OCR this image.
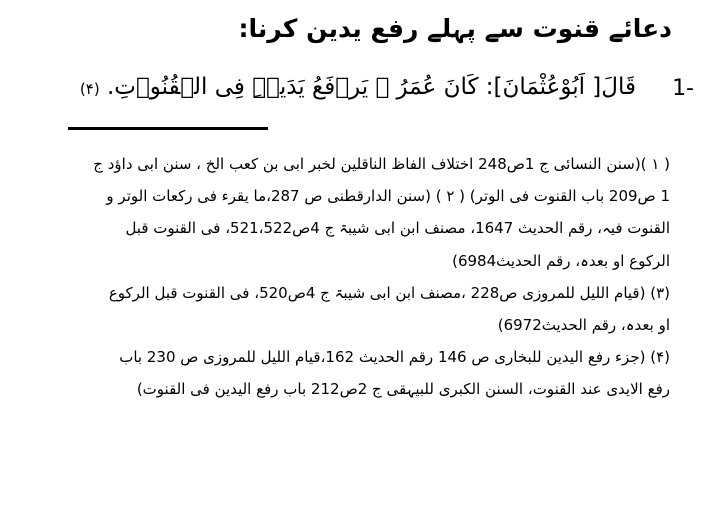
دعائے قنوت سے پہلے رفع یدین کرنا:
1-
قَالَ[ اَبُوْعُثْمَانَ]: کَانَ عُمَرُ ؓ یَرۡفَعُ یَدَیۡہِ فِی الۡقُنُوۡتِ. (۴)
( ۱ )(سنن النسائی ج 1ص248 اختلاف الفاظ الناقلین لخبر ابی بن کعب الخ ، سنن ابی داؤد ج
1 ص209 باب القنوت فی الوتر) ( ۲ ) (سنن الدارقطنی ص 287،ما یقرء فی رکعات الوتر و
القنوت فیہ، رقم الحدیث 1647، مصنف ابن ابی شیبۃ ج 4ص521،522، فی القنوت قبل
الرکوع او بعدہ، رقم الحدیث6984)
(۳) (قیام اللیل للمروزی ص228 ،مصنف ابن ابی شیبۃ ج 4ص520، فی القنوت قبل الرکوع
او بعدہ، رقم الحدیث6972)
(۴) (جزء رفع الیدین للبخاری ص 146 رقم الحدیث 162،قیام اللیل للمروزی ص 230 باب
رفع الایدی عند القنوت، السنن الکبری للبیہقی ج 2ص212 باب رفع الیدین فی القنوت)
